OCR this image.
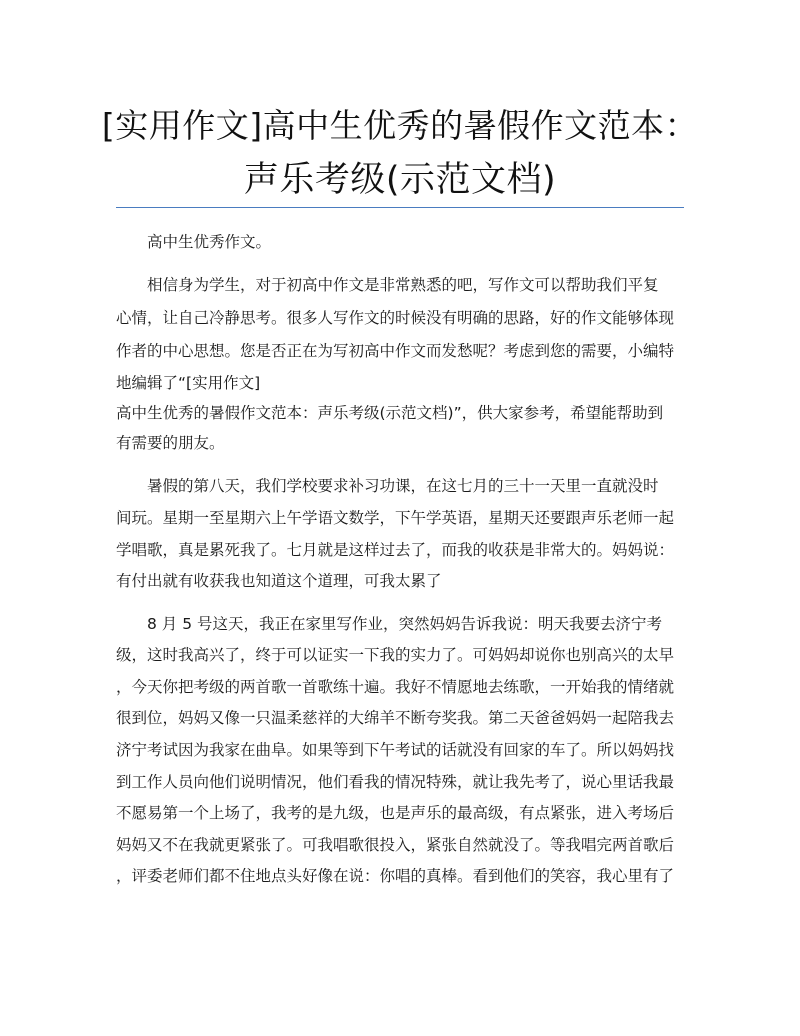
[实用作文]高中生优秀的暑假作文范本：
声乐考级(示范文档)
　　高中生优秀作文。
　　相信身为学生，对于初高中作文是非常熟悉的吧，写作文可以帮助我们平复
心情，让自己冷静思考。很多人写作文的时候没有明确的思路，好的作文能够体现
作者的中心思想。您是否正在为写初高中作文而发愁呢？考虑到您的需要，小编特
地编辑了“[实用作文]
高中生优秀的暑假作文范本：声乐考级(示范文档)”，供大家参考，希望能帮助到
有需要的朋友。
　　暑假的第八天，我们学校要求补习功课，在这七月的三十一天里一直就没时
间玩。星期一至星期六上午学语文数学，下午学英语，星期天还要跟声乐老师一起
学唱歌，真是累死我了。七月就是这样过去了，而我的收获是非常大的。妈妈说：
有付出就有收获我也知道这个道理，可我太累了
　　8 月 5 号这天，我正在家里写作业，突然妈妈告诉我说：明天我要去济宁考
级，这时我高兴了，终于可以证实一下我的实力了。可妈妈却说你也别高兴的太早
，今天你把考级的两首歌一首歌练十遍。我好不情愿地去练歌，一开始我的情绪就
很到位，妈妈又像一只温柔慈祥的大绵羊不断夸奖我。第二天爸爸妈妈一起陪我去
济宁考试因为我家在曲阜。如果等到下午考试的话就没有回家的车了。所以妈妈找
到工作人员向他们说明情况，他们看我的情况特殊，就让我先考了，说心里话我最
不愿易第一个上场了，我考的是九级，也是声乐的最高级，有点紧张，进入考场后
妈妈又不在我就更紧张了。可我唱歌很投入，紧张自然就没了。等我唱完两首歌后
，评委老师们都不住地点头好像在说：你唱的真棒。看到他们的笑容，我心里有了
